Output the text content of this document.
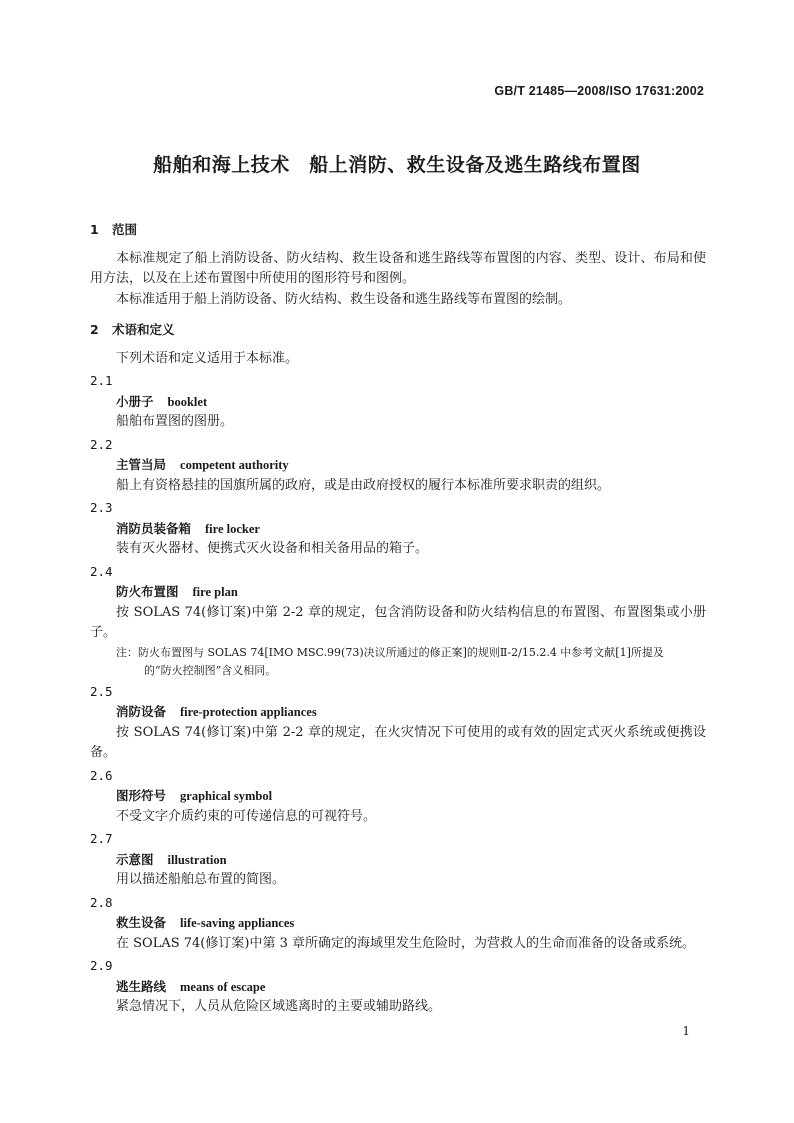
GB/T 21485—2008/ISO 17631:2002
船舶和海上技术　船上消防、救生设备及逃生路线布置图
1 范围

本标准规定了船上消防设备、防火结构、救生设备和逃生路线等布置图的内容、类型、设计、布局和使用方法，以及在上述布置图中所使用的图形符号和图例。

本标准适用于船上消防设备、防火结构、救生设备和逃生路线等布置图的绘制。

2 术语和定义

下列术语和定义适用于本标准。

2.1
小册子 booklet

船舶布置图的图册。

2.2
主管当局 competent authority

船上有资格悬挂的国旗所属的政府，或是由政府授权的履行本标准所要求职责的组织。

2.3
消防员装备箱 fire locker

装有灭火器材、便携式灭火设备和相关备用品的箱子。

2.4
防火布置图 fire plan

按 SOLAS 74(修订案)中第 2-2 章的规定，包含消防设备和防火结构信息的布置图、布置图集或小册子。

注：防火布置图与 SOLAS 74[IMO MSC.99(73)决议所通过的修正案]的规则Ⅱ-2/15.2.4 中参考文献[1]所提及
的“防火控制图”含义相同。
2.5
消防设备 fire-protection appliances

按 SOLAS 74(修订案)中第 2-2 章的规定，在火灾情况下可使用的或有效的固定式灭火系统或便携设备。

2.6
图形符号 graphical symbol

不受文字介质约束的可传递信息的可视符号。

2.7
示意图 illustration

用以描述船舶总布置的简图。

2.8
救生设备 life-saving appliances

在 SOLAS 74(修订案)中第 3 章所确定的海域里发生危险时，为营救人的生命而准备的设备或系统。

2.9
逃生路线 means of escape

紧急情况下，人员从危险区域逃离时的主要或辅助路线。

1
